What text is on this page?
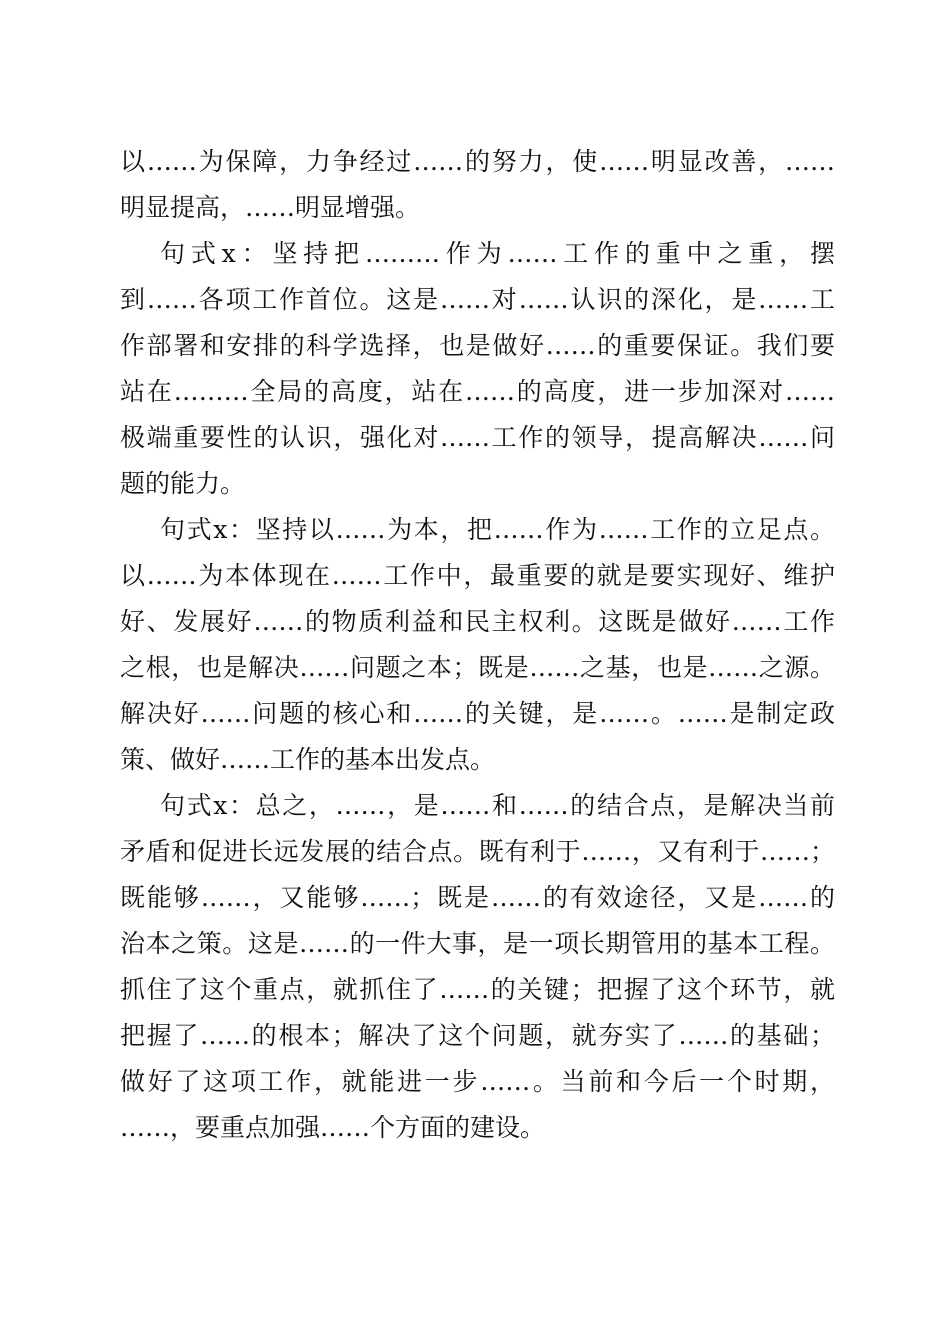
以……为保障，力争经过……的努力，使……明显改善，……
明显提高，……明显增强。
句式x：坚持把………作为……工作的重中之重，摆
到……各项工作首位。这是……对……认识的深化，是……工
作部署和安排的科学选择，也是做好……的重要保证。我们要
站在………全局的高度，站在……的高度，进一步加深对……
极端重要性的认识，强化对……工作的领导，提高解决……问
题的能力。
句式x：坚持以……为本，把……作为……工作的立足点。
以……为本体现在……工作中，最重要的就是要实现好、维护
好、发展好……的物质利益和民主权利。这既是做好……工作
之根，也是解决……问题之本；既是……之基，也是……之源。
解决好……问题的核心和……的关键，是……。……是制定政
策、做好……工作的基本出发点。
句式x：总之，……，是……和……的结合点，是解决当前
矛盾和促进长远发展的结合点。既有利于……，又有利于……；
既能够……，又能够……；既是……的有效途径，又是……的
治本之策。这是……的一件大事，是一项长期管用的基本工程。
抓住了这个重点，就抓住了……的关键；把握了这个环节，就
把握了……的根本；解决了这个问题，就夯实了……的基础；
做好了这项工作，就能进一步……。当前和今后一个时期，
……，要重点加强……个方面的建设。
